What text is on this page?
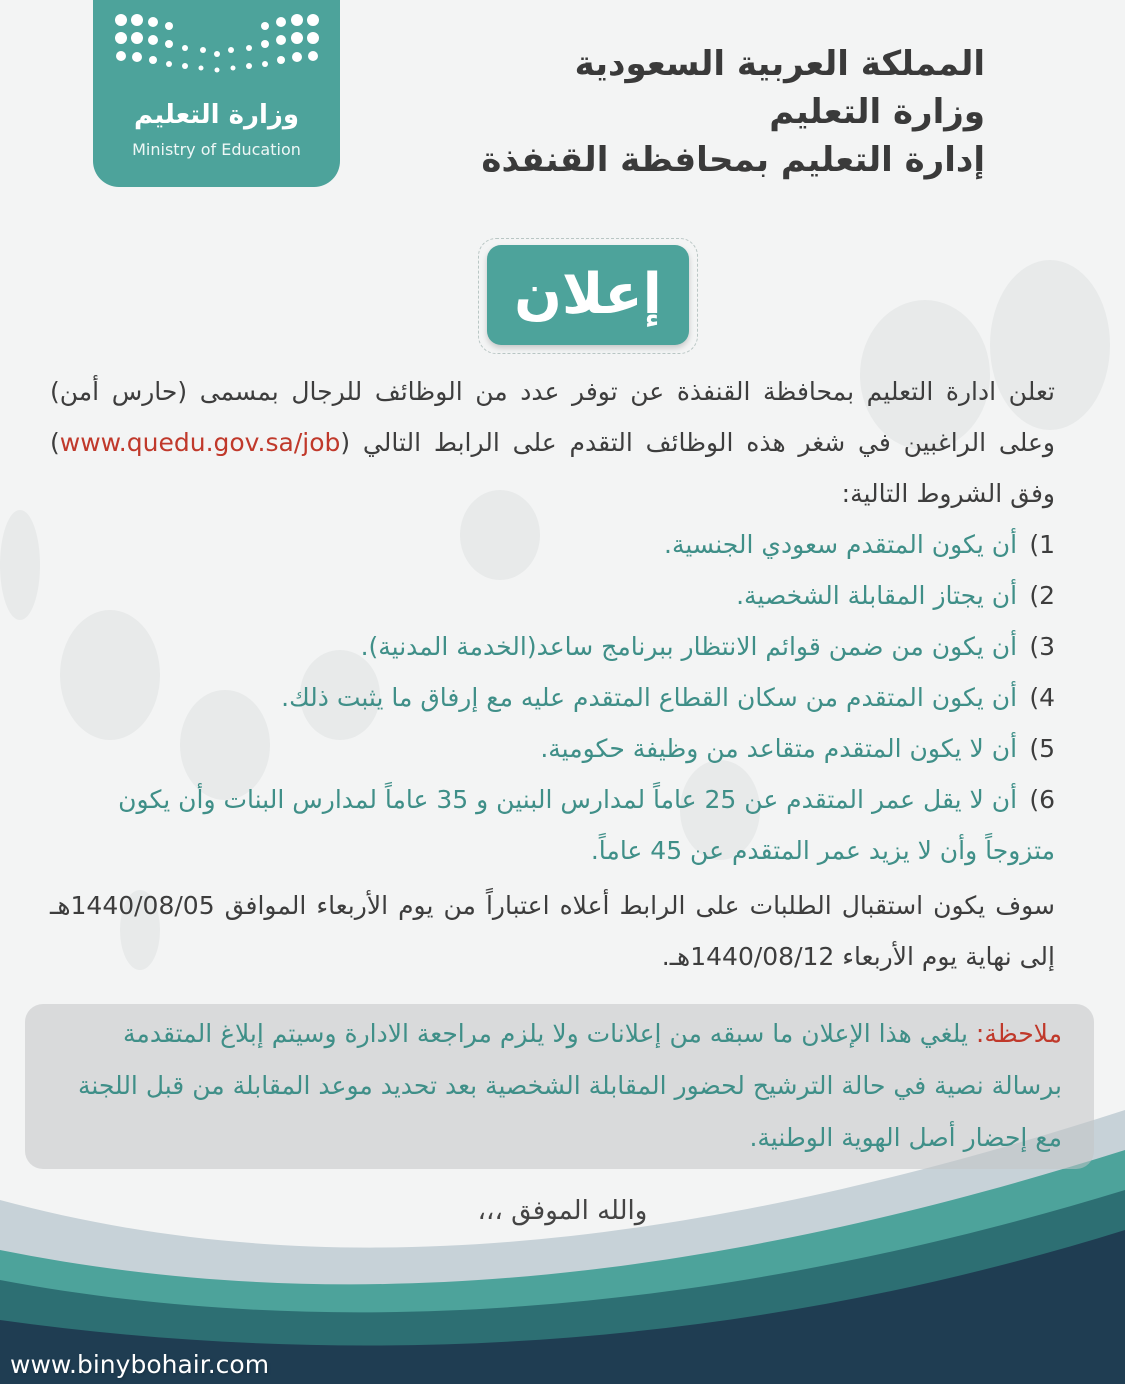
وزارة التعليم
Ministry of Education
المملكة العربية السعودية
وزارة التعليم
إدارة التعليم بمحافظة القنفذة
إعلان
تعلن ادارة التعليم بمحافظة القنفذة عن توفر عدد من الوظائف للرجال بمسمى (حارس أمن) وعلى الراغبين في شغر هذه الوظائف التقدم على الرابط التالي (www.quedu.gov.sa/job) وفق الشروط التالية:
1) أن يكون المتقدم سعودي الجنسية.
2) أن يجتاز المقابلة الشخصية.
3) أن يكون من ضمن قوائم الانتظار ببرنامج ساعد(الخدمة المدنية).
4) أن يكون المتقدم من سكان القطاع المتقدم عليه مع إرفاق ما يثبت ذلك.
5) أن لا يكون المتقدم متقاعد من وظيفة حكومية.
6) أن لا يقل عمر المتقدم عن 25 عاماً لمدارس البنين و 35 عاماً لمدارس البنات وأن يكون متزوجاً وأن لا يزيد عمر المتقدم عن 45 عاماً.
سوف يكون استقبال الطلبات على الرابط أعلاه اعتباراً من يوم الأربعاء الموافق 1440/08/05هـ إلى نهاية يوم الأربعاء 1440/08/12هـ.
ملاحظة: يلغي هذا الإعلان ما سبقه من إعلانات ولا يلزم مراجعة الادارة وسيتم إبلاغ المتقدمة برسالة نصية في حالة الترشيح لحضور المقابلة الشخصية بعد تحديد موعد المقابلة من قبل اللجنة مع إحضار أصل الهوية الوطنية.
والله الموفق ،،،
www.binybohair.com
